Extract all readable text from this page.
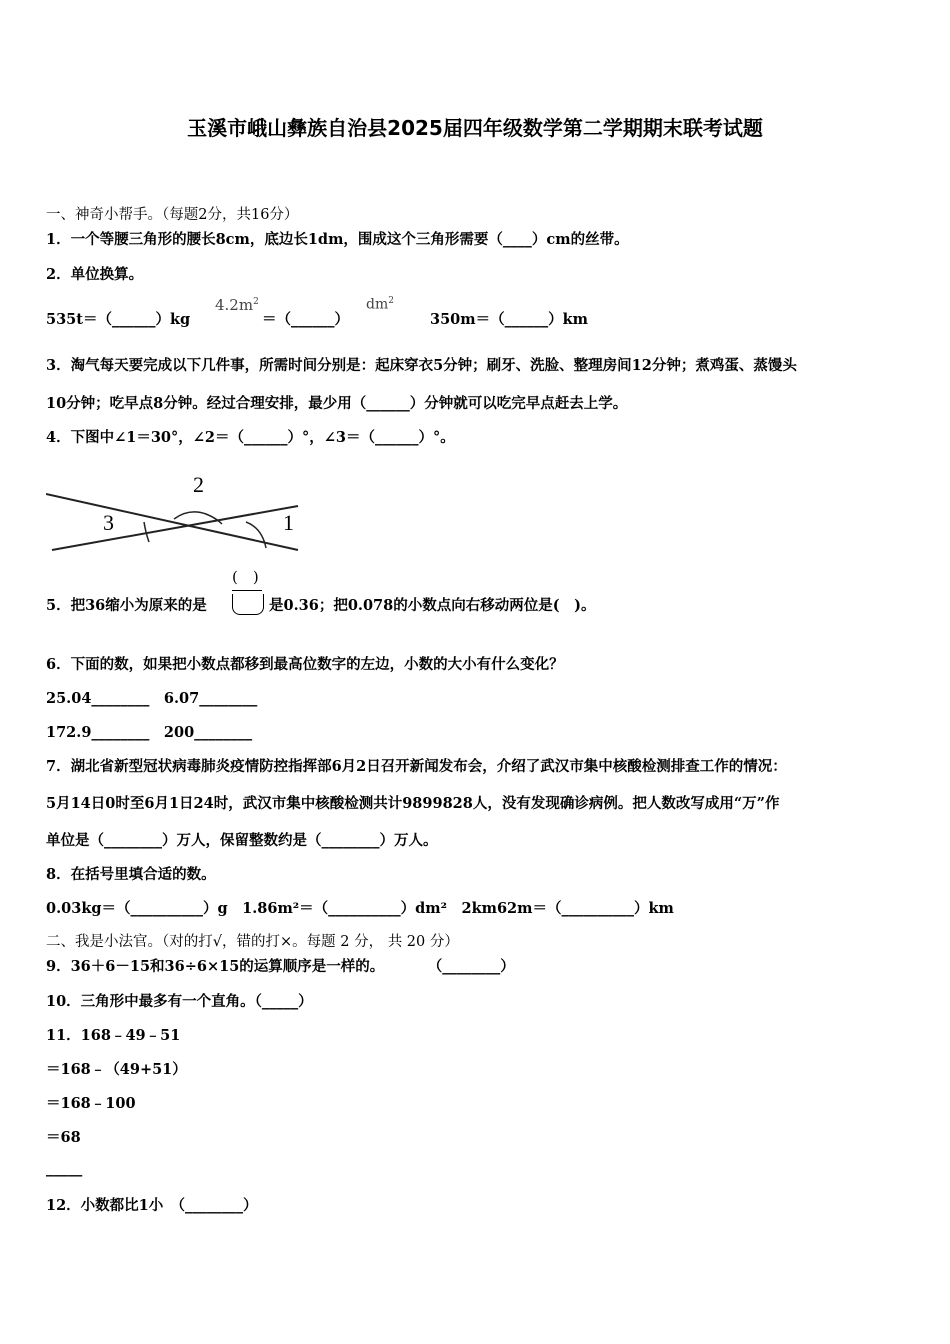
玉溪市峨山彝族自治县2025届四年级数学第二学期期末联考试题
一、神奇小帮手。（每题2分，共16分）
1．一个等腰三角形的腰长8cm，底边长1dm，围成这个三角形需要（____）cm的丝带。
2．单位换算。
535t＝（______）kg
$4.2m^2$
＝（______）
$dm^2$
350m＝（______）km
3．淘气每天要完成以下几件事，所需时间分别是：起床穿衣5分钟；刷牙、洗脸、整理房间12分钟；煮鸡蛋、蒸馒头
10分钟；吃早点8分钟。经过合理安排，最少用（______）分钟就可以吃完早点赶去上学。
4．下图中∠1＝30°，∠2＝（______）°，∠3＝（______）°。
3
2
1
(　)
5．把36缩小为原来的是	是0.36；把0.078的小数点向右移动两位是(　)。
6．下面的数，如果把小数点都移到最高位数字的左边，小数的大小有什么变化？
25.04________　6.07________
172.9________　200________
7．湖北省新型冠状病毒肺炎疫情防控指挥部6月2日召开新闻发布会，介绍了武汉市集中核酸检测排查工作的情况：
5月14日0时至6月1日24时，武汉市集中核酸检测共计9899828人，没有发现确诊病例。把人数改写成用“万”作
单位是（________）万人，保留整数约是（________）万人。
8．在括号里填合适的数。
0.03kg＝（__________）g　1.86m²＝（__________）dm²　2km62m＝（__________）km
二、我是小法官。（对的打√，错的打×。每题 2 分， 共 20 分）
9．36＋6－15和36÷6×15的运算顺序是一样的。　　　　（________）
10．三角形中最多有一个直角。（_____）
11．168﹣49﹣51
＝168﹣（49+51）
＝168﹣100
＝68
_____
12．小数都比1小　（________）
